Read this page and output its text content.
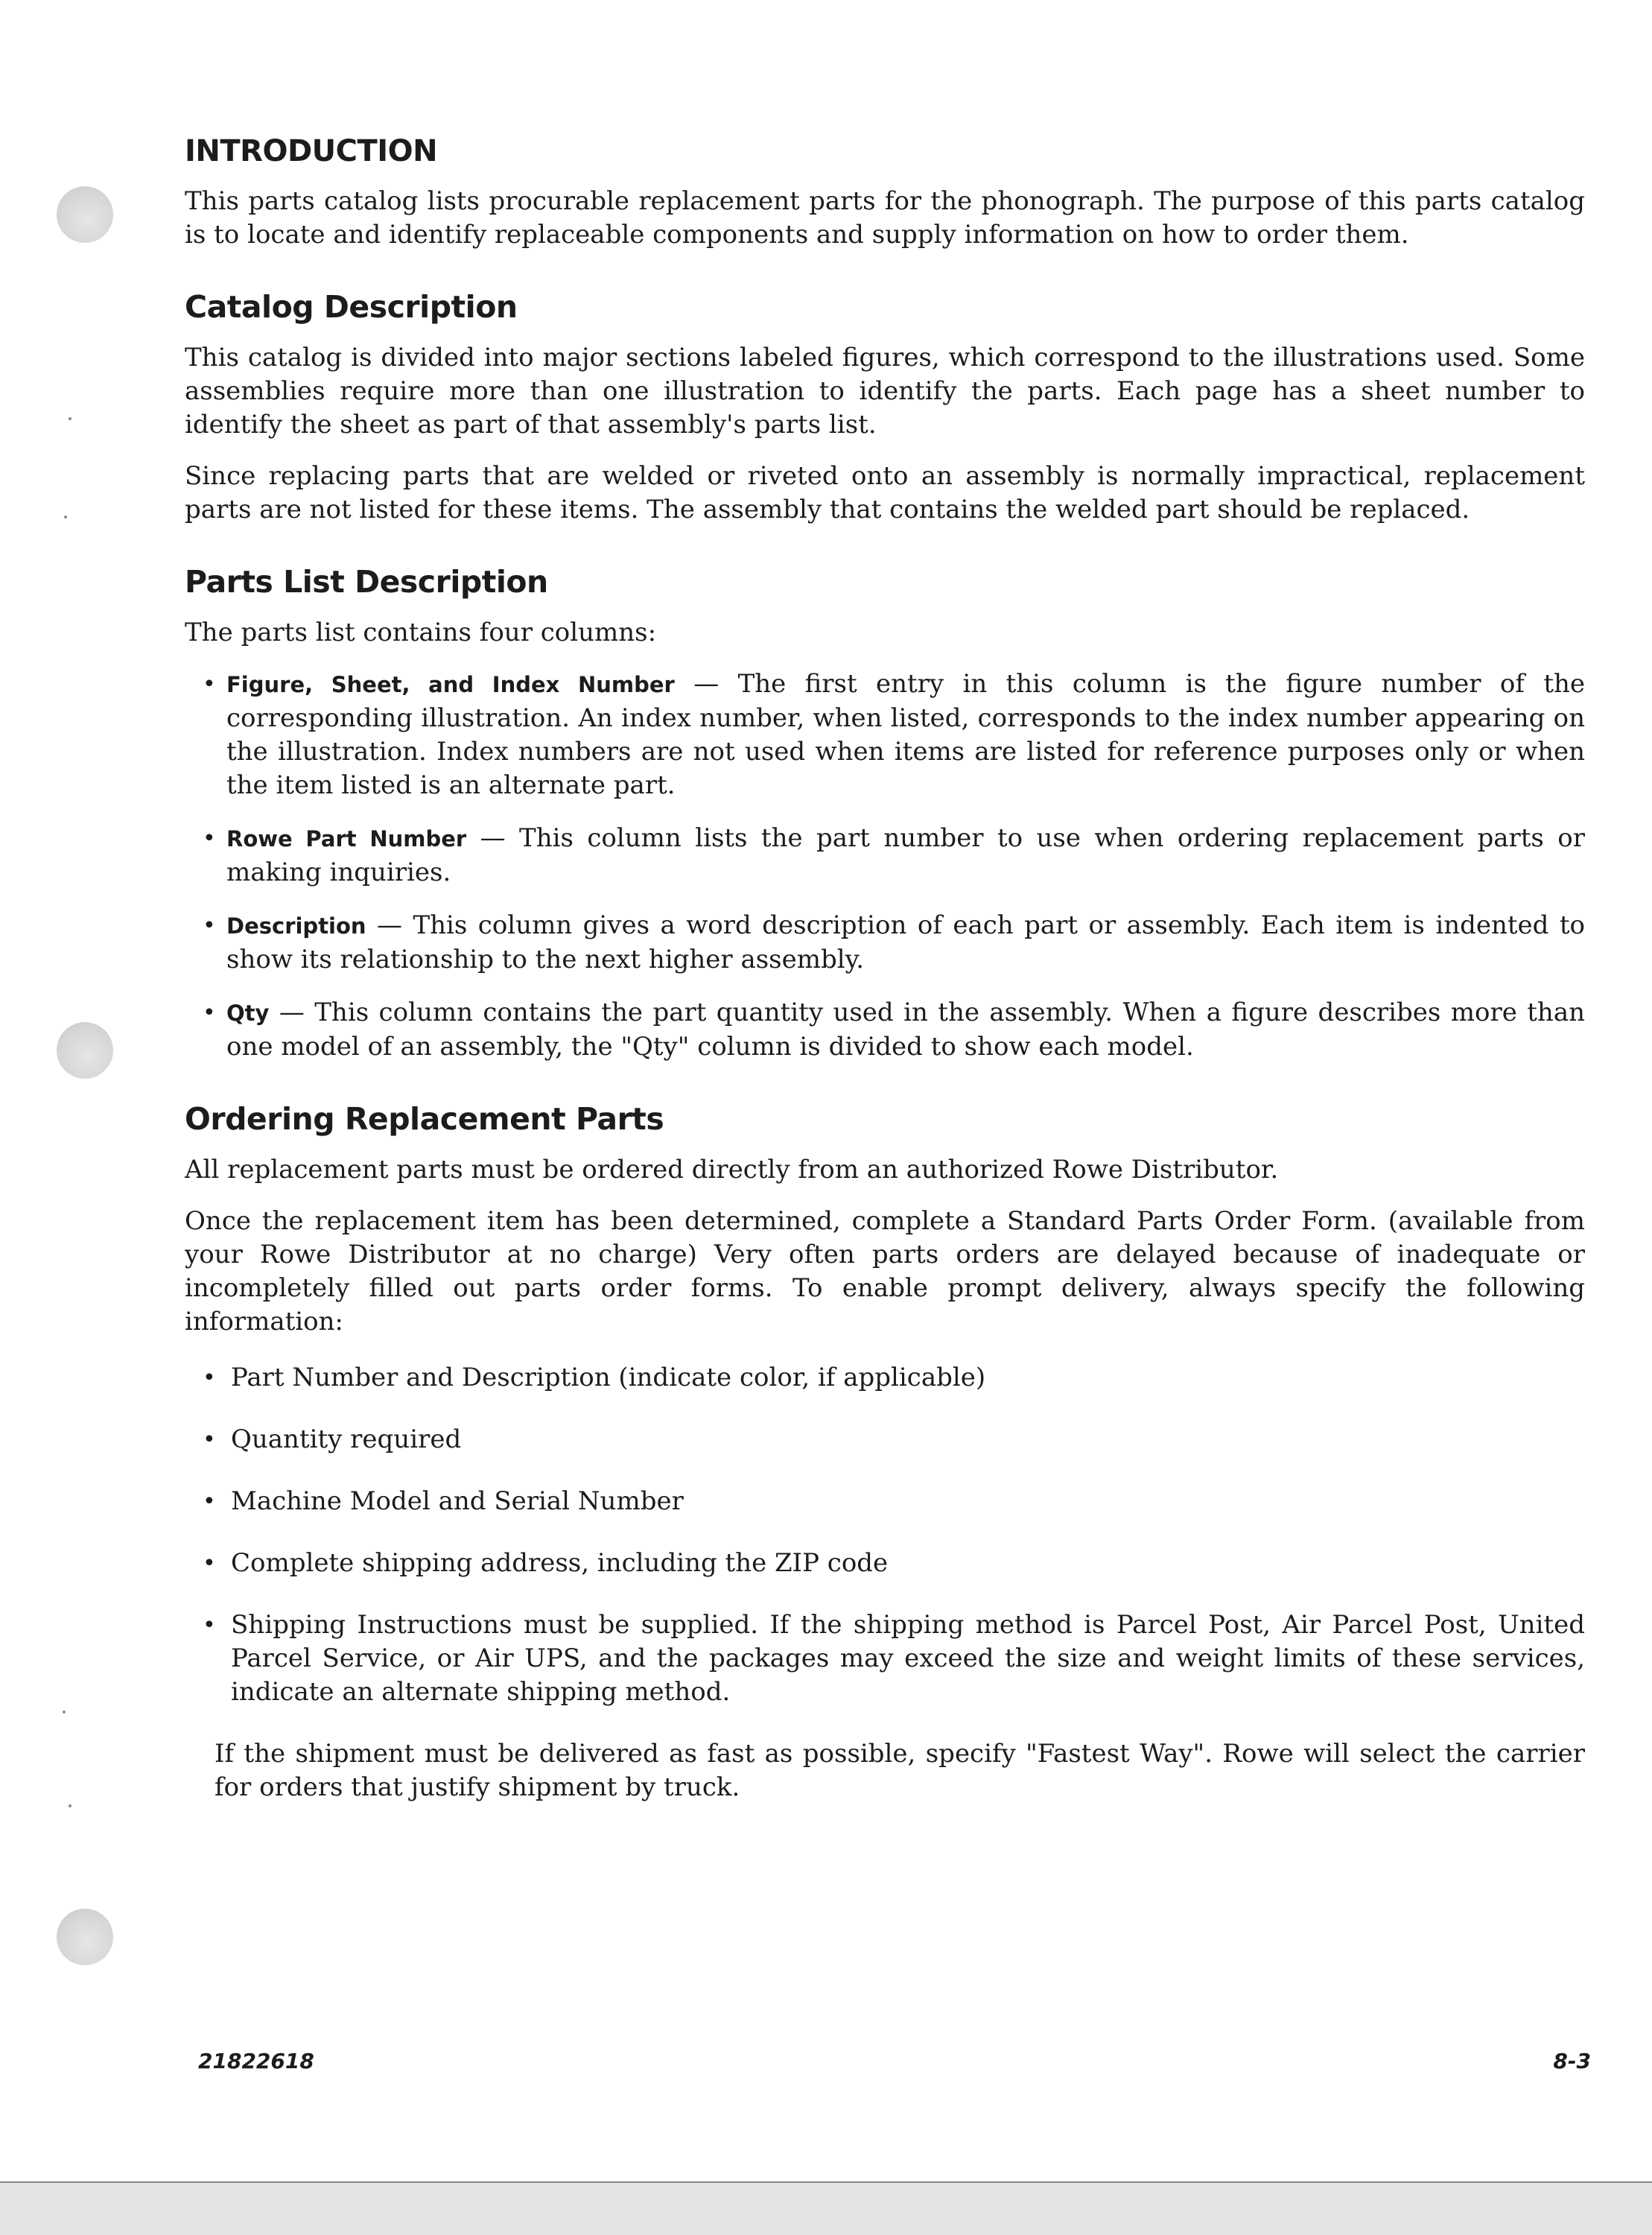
INTRODUCTION

This parts catalog lists procurable replacement parts for the phonograph. The purpose of this parts catalog is to locate and identify replaceable components and supply information on how to order them.

Catalog Description

This catalog is divided into major sections labeled figures, which correspond to the illustrations used. Some assemblies require more than one illustration to identify the parts. Each page has a sheet number to identify the sheet as part of that assembly's parts list.

Since replacing parts that are welded or riveted onto an assembly is normally impractical, replacement parts are not listed for these items. The assembly that contains the welded part should be replaced.

Parts List Description

The parts list contains four columns:

• Figure, Sheet, and Index Number — The first entry in this column is the figure number of the corresponding illustration. An index number, when listed, corresponds to the index number appearing on the illustration. Index numbers are not used when items are listed for reference purposes only or when the item listed is an alternate part.
• Rowe Part Number — This column lists the part number to use when ordering replacement parts or making inquiries.
• Description — This column gives a word description of each part or assembly. Each item is indented to show its relationship to the next higher assembly.
• Qty — This column contains the part quantity used in the assembly. When a figure describes more than one model of an assembly, the "Qty" column is divided to show each model.
Ordering Replacement Parts

All replacement parts must be ordered directly from an authorized Rowe Distributor.

Once the replacement item has been determined, complete a Standard Parts Order Form. (available from your Rowe Distributor at no charge) Very often parts orders are delayed because of inadequate or incompletely filled out parts order forms. To enable prompt delivery, always specify the following information:

• Part Number and Description (indicate color, if applicable)
• Quantity required
• Machine Model and Serial Number
• Complete shipping address, including the ZIP code
• Shipping Instructions must be supplied. If the shipping method is Parcel Post, Air Parcel Post, United Parcel Service, or Air UPS, and the packages may exceed the size and weight limits of these services, indicate an alternate shipping method.

If the shipment must be delivered as fast as possible, specify "Fastest Way". Rowe will select the carrier for orders that justify shipment by truck.

21822618	8-3
